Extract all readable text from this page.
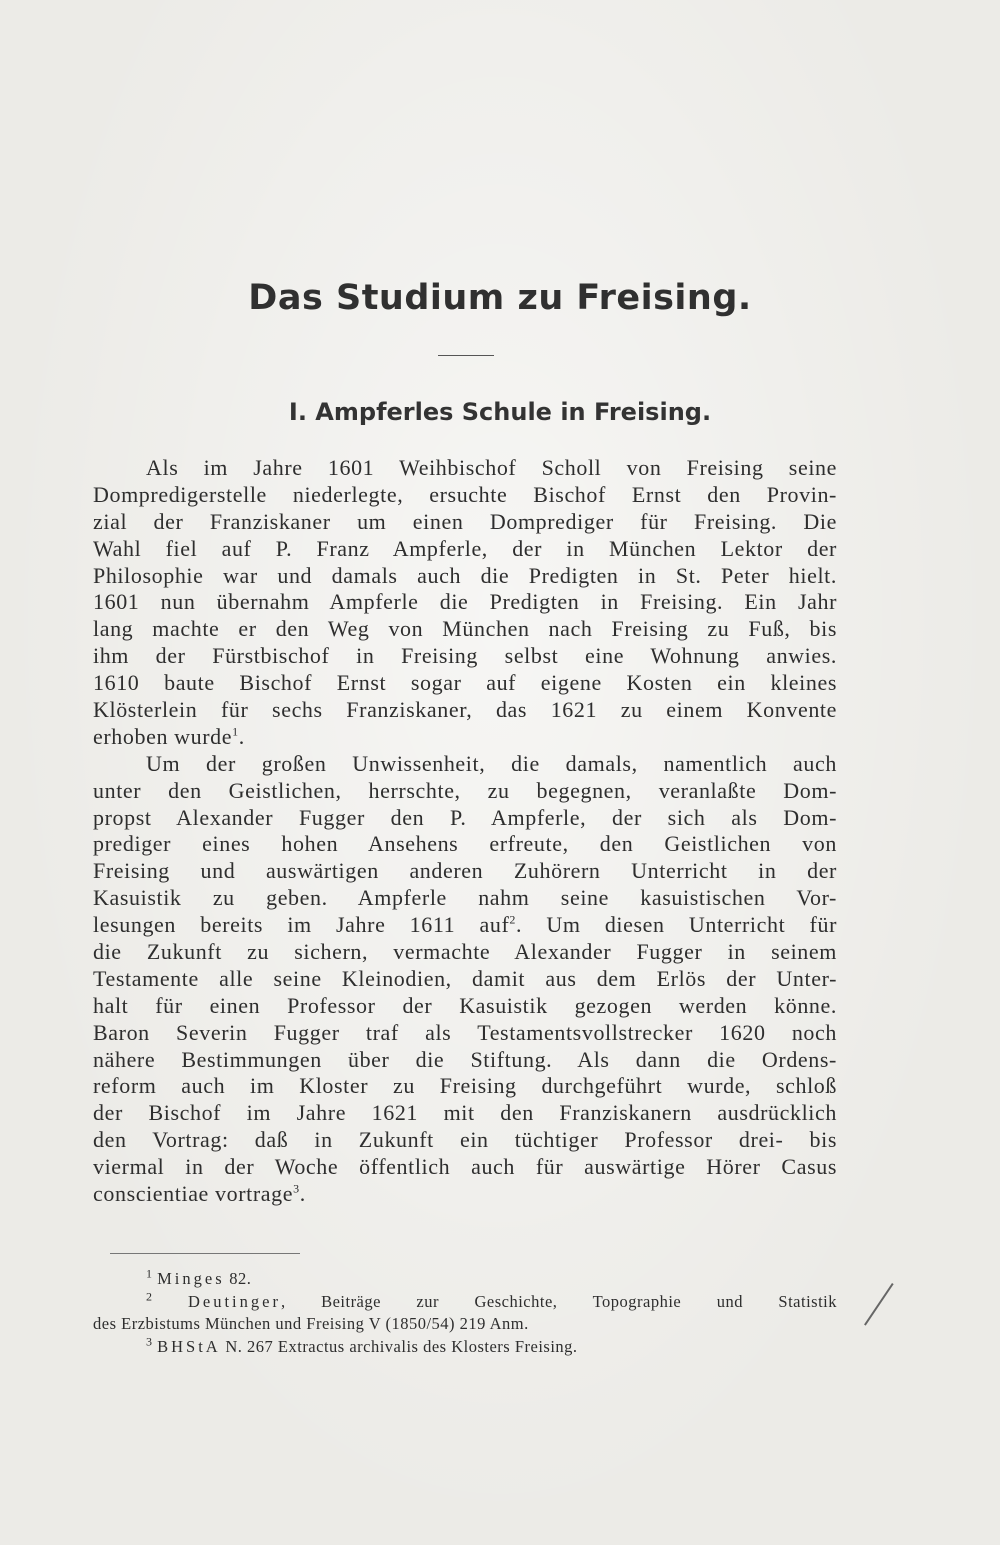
Das Studium zu Freising.
I. Ampferles Schule in Freising.
Als im Jahre 1601 Weihbischof Scholl von Freising seine
Dompredigerstelle niederlegte, ersuchte Bischof Ernst den Provin-
zial der Franziskaner um einen Domprediger für Freising. Die
Wahl fiel auf P. Franz Ampferle, der in München Lektor der
Philosophie war und damals auch die Predigten in St. Peter hielt.
1601 nun übernahm Ampferle die Predigten in Freising. Ein Jahr
lang machte er den Weg von München nach Freising zu Fuß, bis
ihm der Fürstbischof in Freising selbst eine Wohnung anwies.
1610 baute Bischof Ernst sogar auf eigene Kosten ein kleines
Klösterlein für sechs Franziskaner, das 1621 zu einem Konvente
erhoben wurde$^1$.
Um der großen Unwissenheit, die damals, namentlich auch
unter den Geistlichen, herrschte, zu begegnen, veranlaßte Dom-
propst Alexander Fugger den P. Ampferle, der sich als Dom-
prediger eines hohen Ansehens erfreute, den Geistlichen von
Freising und auswärtigen anderen Zuhörern Unterricht in der
Kasuistik zu geben. Ampferle nahm seine kasuistischen Vor-
lesungen bereits im Jahre 1611 auf$^2$. Um diesen Unterricht für
die Zukunft zu sichern, vermachte Alexander Fugger in seinem
Testamente alle seine Kleinodien, damit aus dem Erlös der Unter-
halt für einen Professor der Kasuistik gezogen werden könne.
Baron Severin Fugger traf als Testamentsvollstrecker 1620 noch
nähere Bestimmungen über die Stiftung. Als dann die Ordens-
reform auch im Kloster zu Freising durchgeführt wurde, schloß
der Bischof im Jahre 1621 mit den Franziskanern ausdrücklich
den Vortrag: daß in Zukunft ein tüchtiger Professor drei- bis
viermal in der Woche öffentlich auch für auswärtige Hörer Casus
conscientiae vortrage$^3$.
$^1$ Minges 82.
$^2$ Deutinger, Beiträge zur Geschichte, Topographie und Statistik
des Erzbistums München und Freising V (1850/54) 219 Anm.
$^3$ BHStA N. 267 Extractus archivalis des Klosters Freising.
